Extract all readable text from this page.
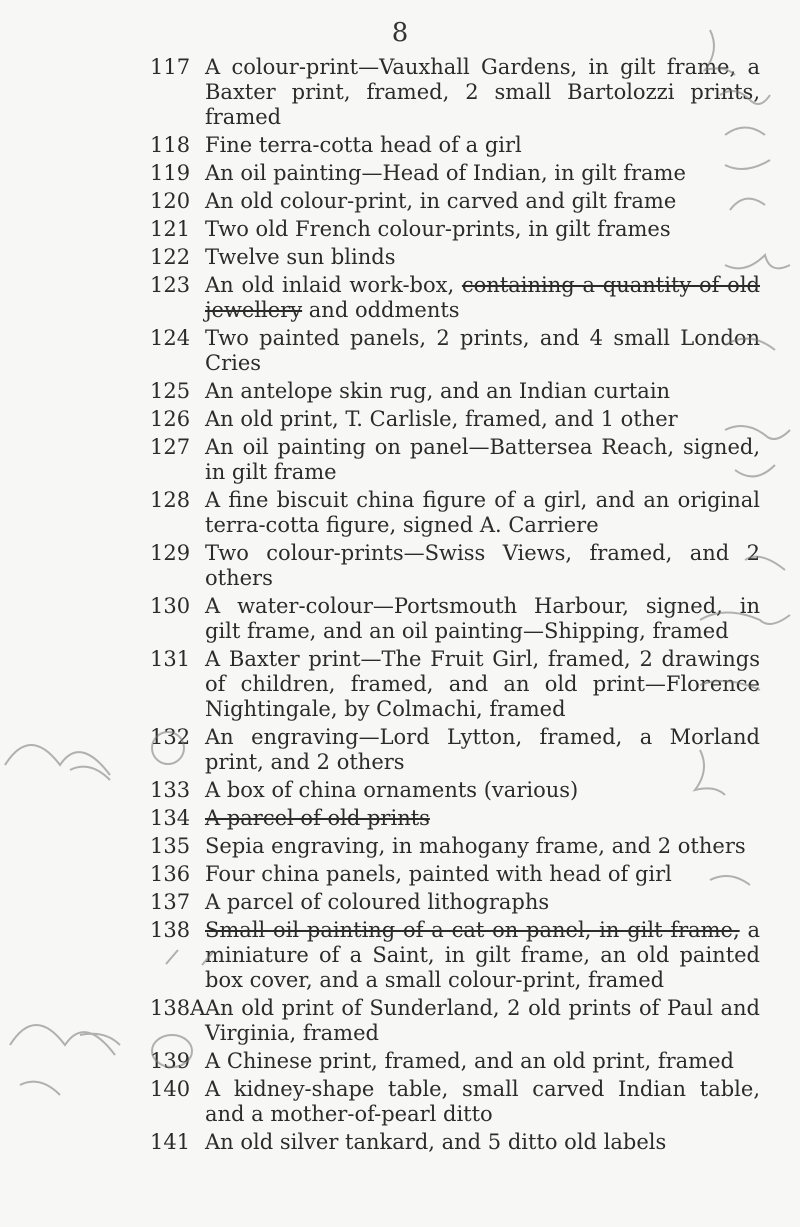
8
117 A colour-print—Vauxhall Gardens, in gilt frame, a Baxter print, framed, 2 small Bartolozzi prints, framed
118 Fine terra-cotta head of a girl
119 An oil painting—Head of Indian, in gilt frame
120 An old colour-print, in carved and gilt frame
121 Two old French colour-prints, in gilt frames
122 Twelve sun blinds
123 An old inlaid work-box, containing a quantity of old jewellery and oddments
124 Two painted panels, 2 prints, and 4 small London Cries
125 An antelope skin rug, and an Indian curtain
126 An old print, T. Carlisle, framed, and 1 other
127 An oil painting on panel—Battersea Reach, signed, in gilt frame
128 A fine biscuit china figure of a girl, and an original terra-cotta figure, signed A. Carriere
129 Two colour-prints—Swiss Views, framed, and 2 others
130 A water-colour—Portsmouth Harbour, signed, in gilt frame, and an oil painting—Shipping, framed
131 A Baxter print—The Fruit Girl, framed, 2 drawings of children, framed, and an old print—Florence Nightingale, by Colmachi, framed
132 An engraving—Lord Lytton, framed, a Morland print, and 2 others
133 A box of china ornaments (various)
134 A parcel of old prints
135 Sepia engraving, in mahogany frame, and 2 others
136 Four china panels, painted with head of girl
137 A parcel of coloured lithographs
138 Small oil painting of a cat on panel, in gilt frame, a miniature of a Saint, in gilt frame, an old painted box cover, and a small colour-print, framed
138A An old print of Sunderland, 2 old prints of Paul and Virginia, framed
139 A Chinese print, framed, and an old print, framed
140 A kidney-shape table, small carved Indian table, and a mother-of-pearl ditto
141 An old silver tankard, and 5 ditto old labels
